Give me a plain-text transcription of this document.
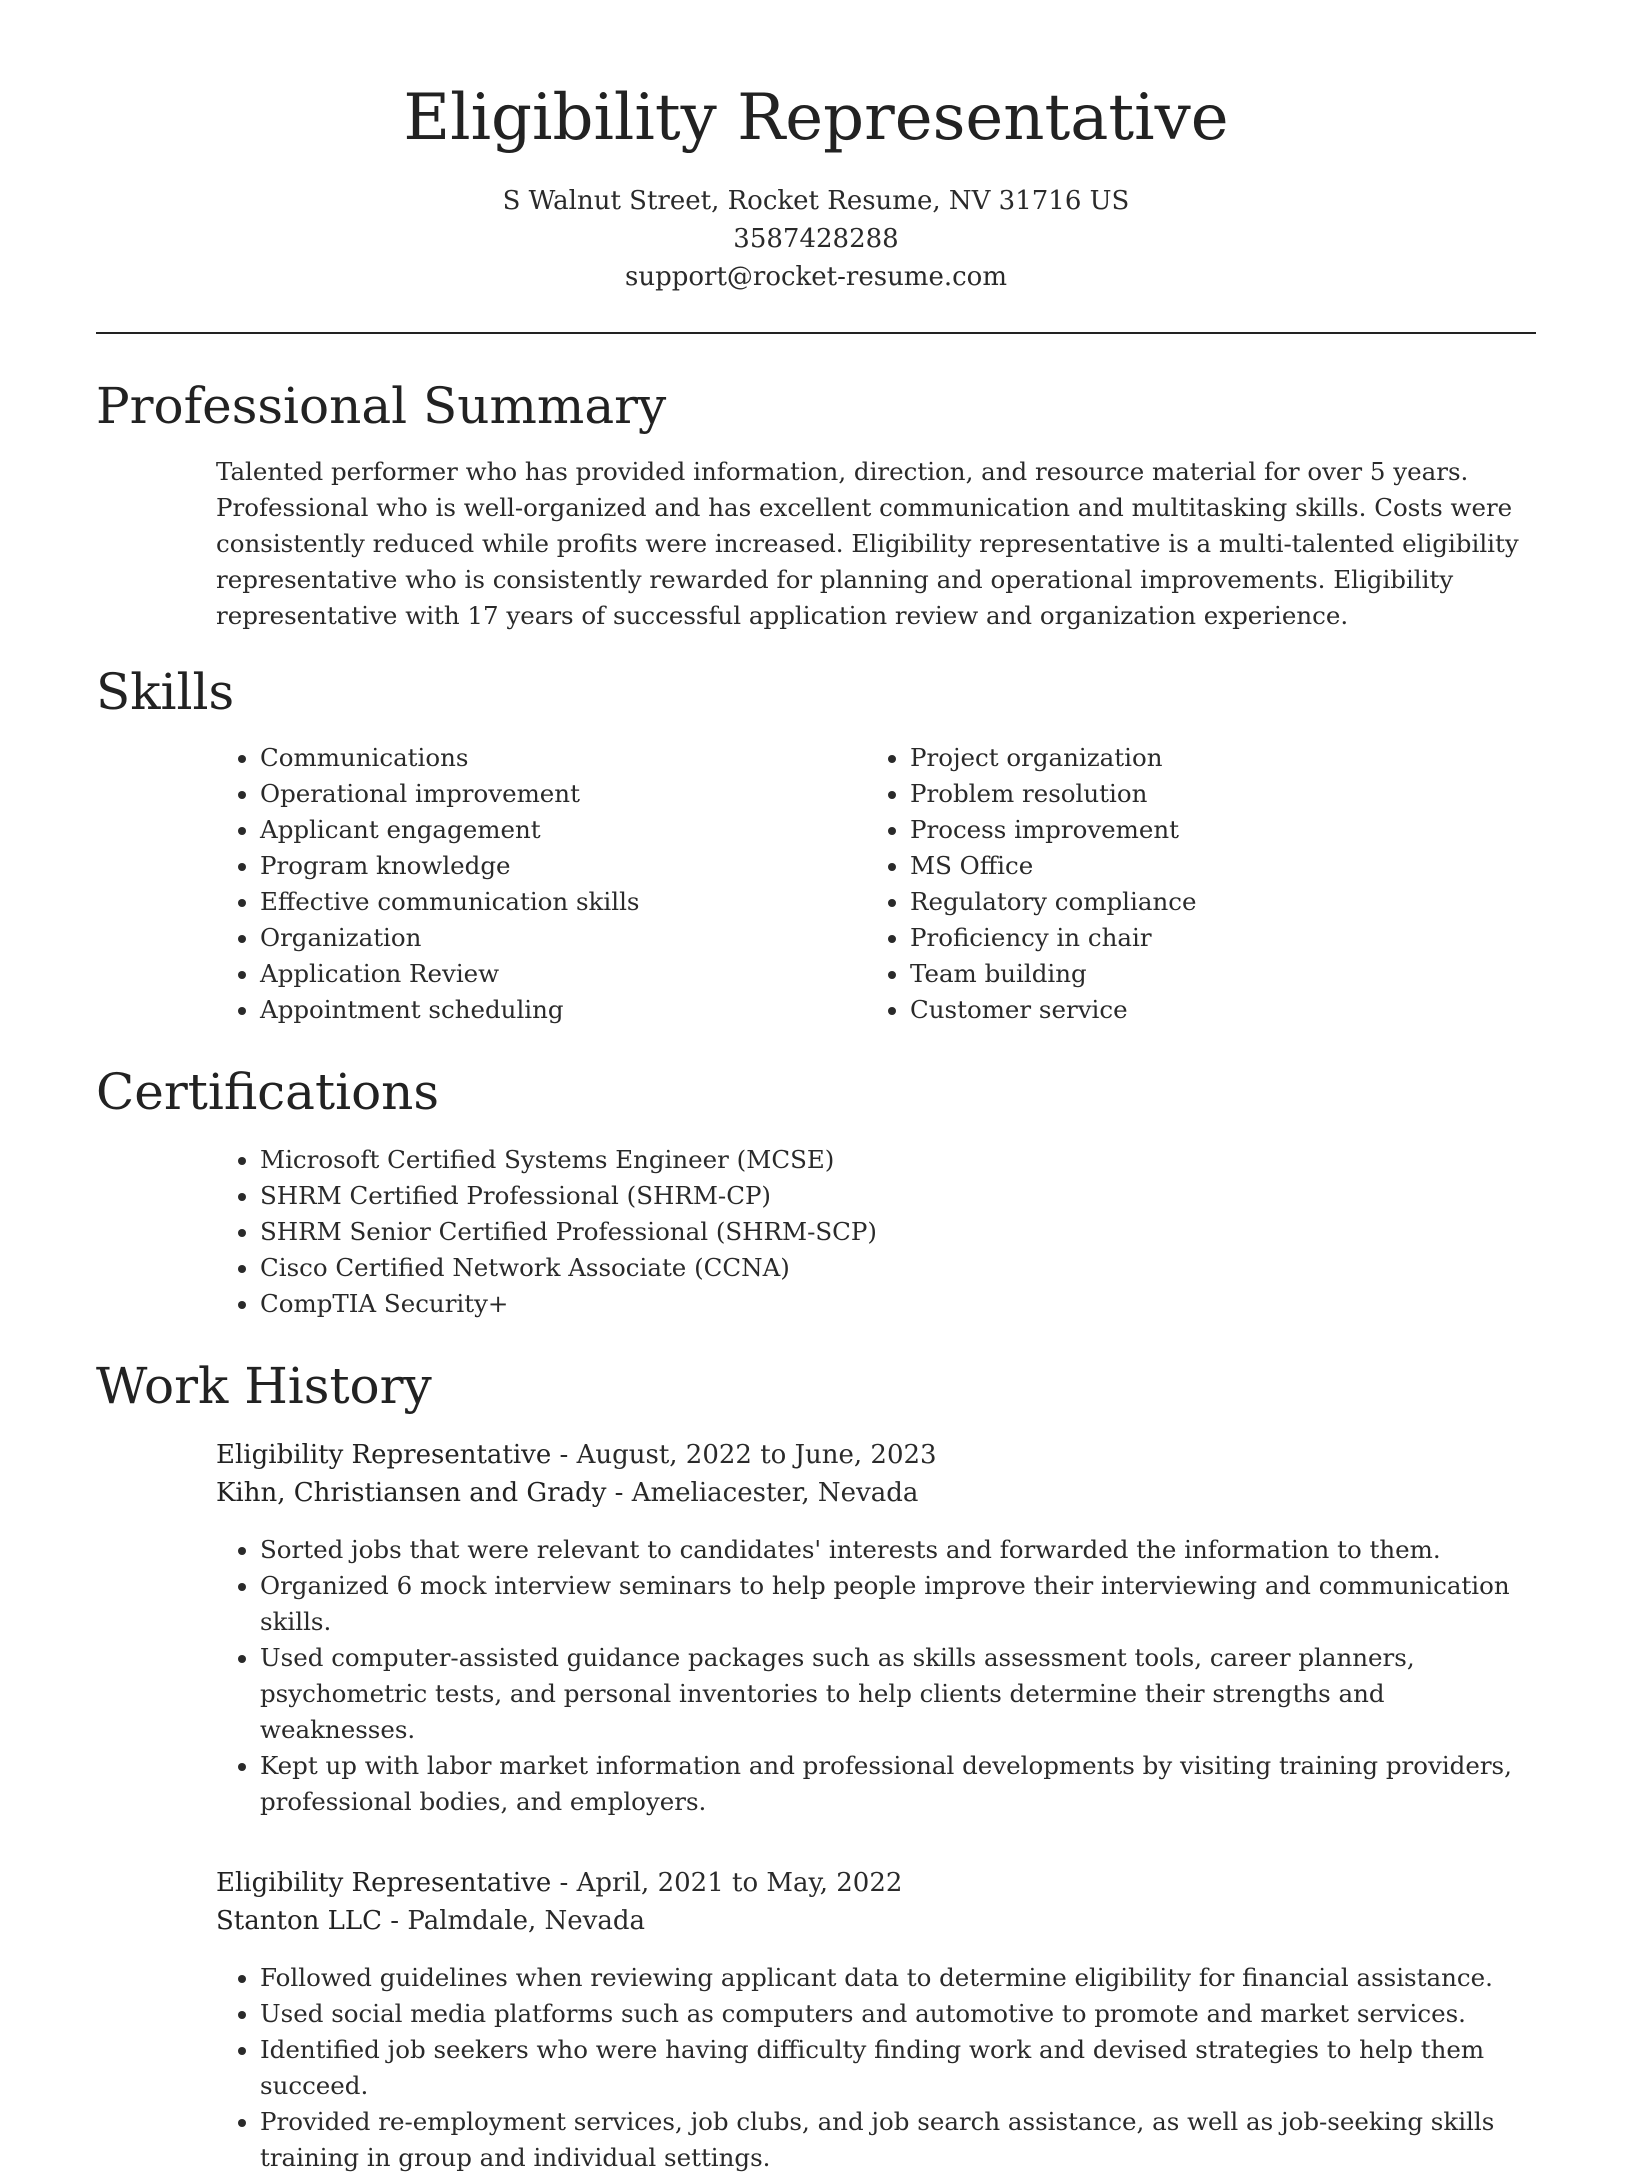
Eligibility Representative
S Walnut Street, Rocket Resume, NV 31716 US
3587428288
support@rocket-resume.com
Professional Summary

Talented performer who has provided information, direction, and resource material for over 5 years. Professional who is well-organized and has excellent communication and multitasking skills. Costs were consistently reduced while profits were increased. Eligibility representative is a multi-talented eligibility representative who is consistently rewarded for planning and operational improvements. Eligibility representative with 17 years of successful application review and organization experience.

Skills
• Communications
• Operational improvement
• Applicant engagement
• Program knowledge
• Effective communication skills
• Organization
• Application Review
• Appointment scheduling
• Project organization
• Problem resolution
• Process improvement
• MS Office
• Regulatory compliance
• Proficiency in chair
• Team building
• Customer service
Certifications
• Microsoft Certified Systems Engineer (MCSE)
• SHRM Certified Professional (SHRM-CP)
• SHRM Senior Certified Professional (SHRM-SCP)
• Cisco Certified Network Associate (CCNA)
• CompTIA Security+
Work History
Eligibility Representative - August, 2022 to June, 2023
Kihn, Christiansen and Grady - Ameliacester, Nevada
• Sorted jobs that were relevant to candidates' interests and forwarded the information to them.
• Organized 6 mock interview seminars to help people improve their interviewing and communication skills.
• Used computer-assisted guidance packages such as skills assessment tools, career planners, psychometric tests, and personal inventories to help clients determine their strengths and weaknesses.
• Kept up with labor market information and professional developments by visiting training providers, professional bodies, and employers.
Eligibility Representative - April, 2021 to May, 2022
Stanton LLC - Palmdale, Nevada
• Followed guidelines when reviewing applicant data to determine eligibility for financial assistance.
• Used social media platforms such as computers and automotive to promote and market services.
• Identified job seekers who were having difficulty finding work and devised strategies to help them succeed.
• Provided re-employment services, job clubs, and job search assistance, as well as job-seeking skills training in group and individual settings.
